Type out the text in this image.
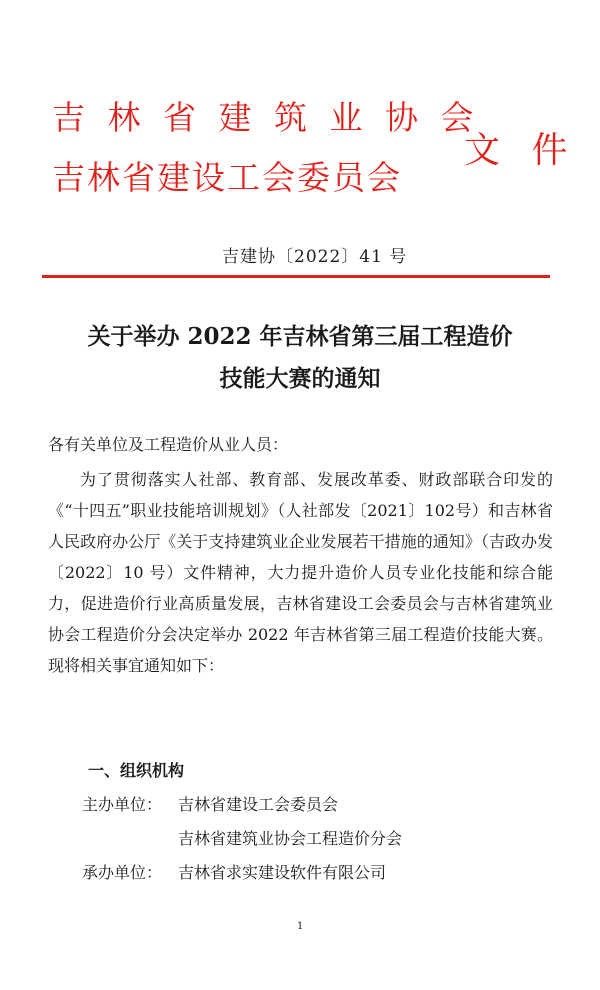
吉 林 省 建 筑 业 协 会
吉林省建设工会委员会
文 件
吉建协〔2022〕41 号
关于举办 2022 年吉林省第三届工程造价
技能大赛的通知
各有关单位及工程造价从业人员：
为了贯彻落实人社部、教育部、发展改革委、财政部联合印发的《“十四五”职业技能培训规划》（人社部发〔2021〕102号）和吉林省人民政府办公厅《关于支持建筑业企业发展若干措施的通知》（吉政办发〔2022〕10 号）文件精神，大力提升造价人员专业化技能和综合能力，促进造价行业高质量发展，吉林省建设工会委员会与吉林省建筑业协会工程造价分会决定举办 2022 年吉林省第三届工程造价技能大赛。现将相关事宜通知如下：
一、组织机构
主办单位： 吉林省建设工会委员会
吉林省建筑业协会工程造价分会
承办单位： 吉林省求实建设软件有限公司
1
